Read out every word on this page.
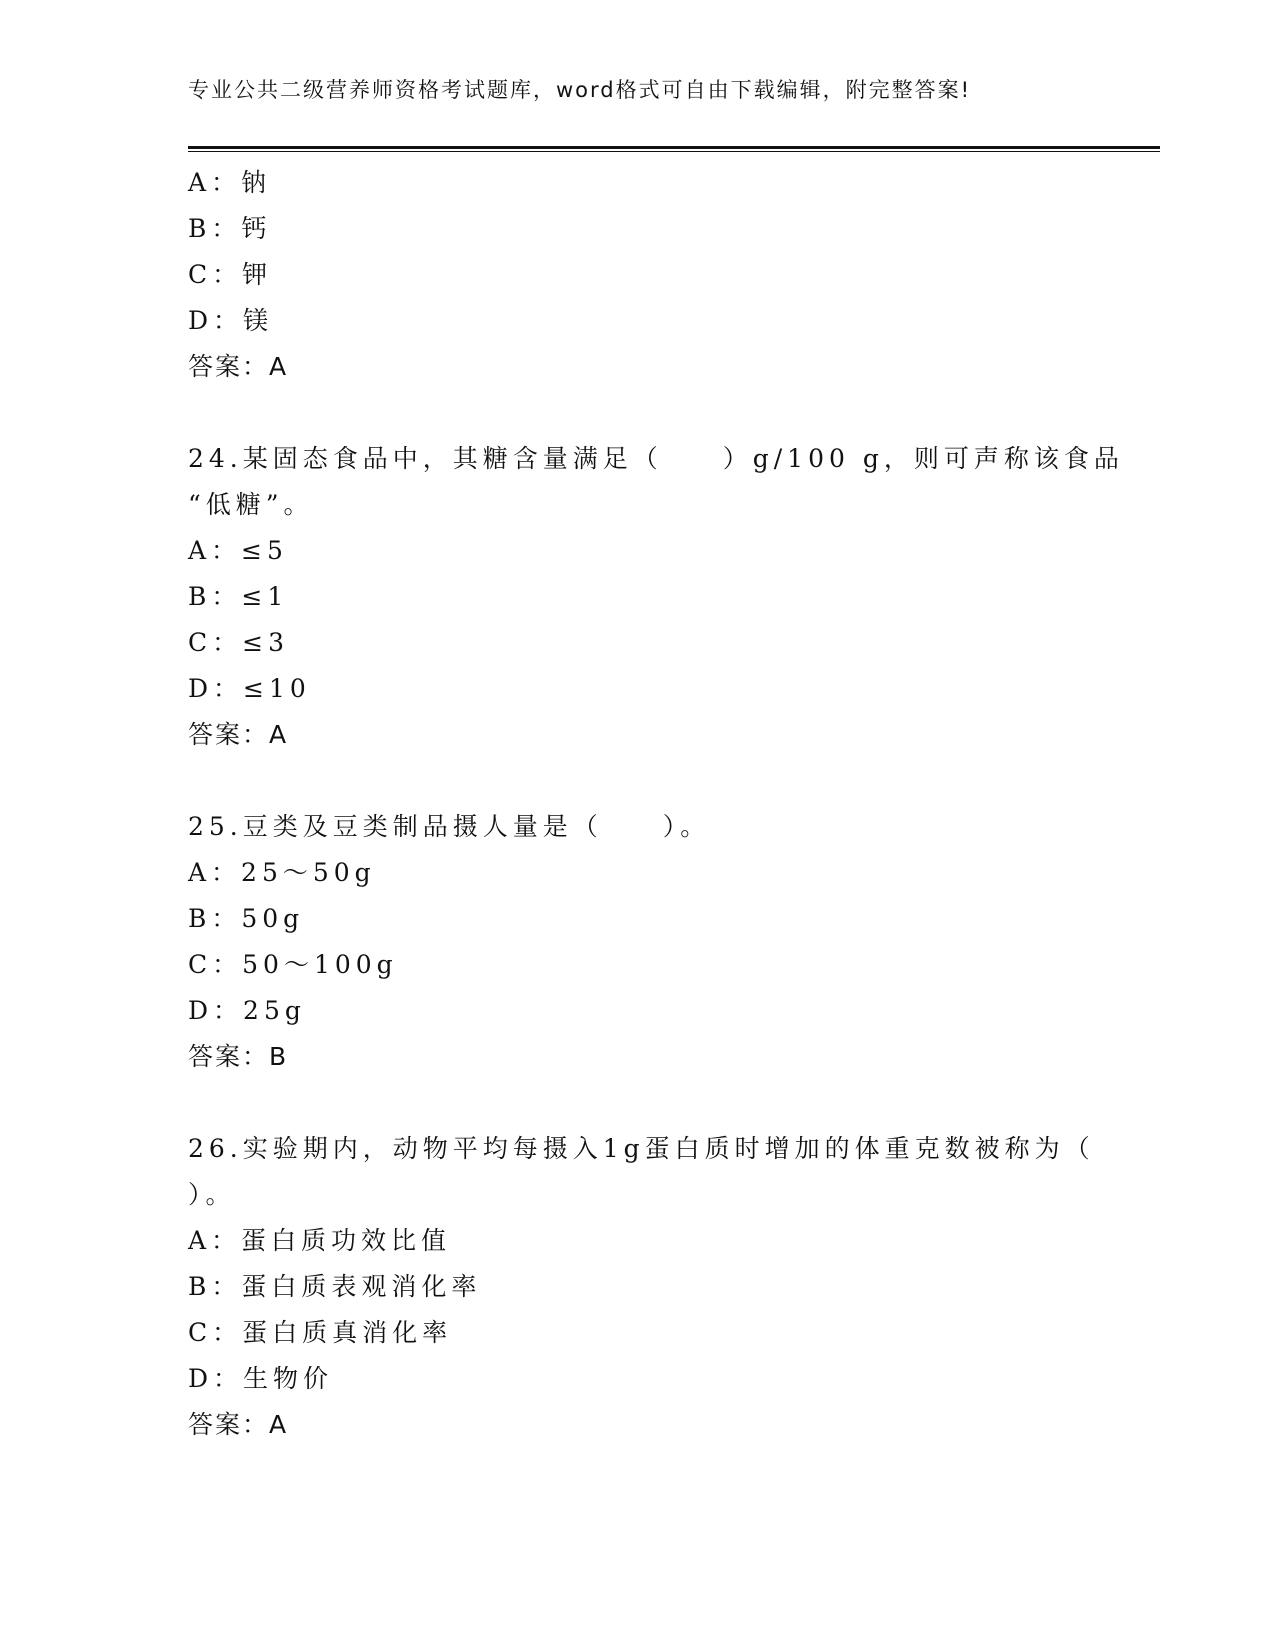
专业公共二级营养师资格考试题库，word格式可自由下载编辑，附完整答案!
A：钠
B：钙
C：钾
D：镁
答案：A
24.某固态食品中，其糖含量满足（　　）g/100 g，则可声称该食品
“低糖”。
A：≤5
B：≤1
C：≤3
D：≤10
答案：A
25.豆类及豆类制品摄人量是（　　）。
A：25～50g
B：50g
C：50～100g
D：25g
答案：B
26.实验期内，动物平均每摄入1g蛋白质时增加的体重克数被称为（
）。
A：蛋白质功效比值
B：蛋白质表观消化率
C：蛋白质真消化率
D：生物价
答案：A
